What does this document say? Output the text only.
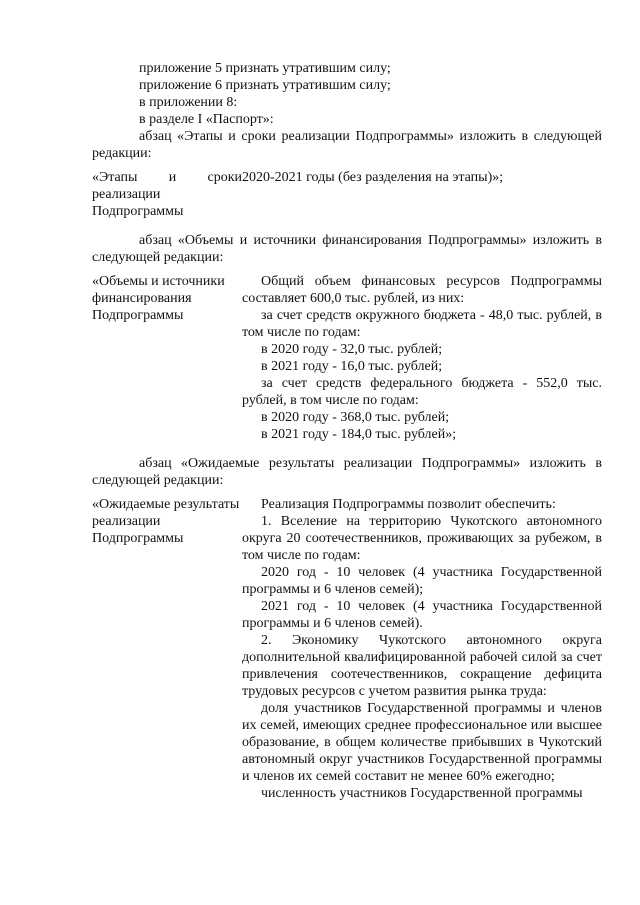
приложение 5 признать утратившим силу;

приложение 6 признать утратившим силу;

в приложении 8:

в разделе I «Паспорт»:

абзац «Этапы и сроки реализации Подпрограммы» изложить в следующей редакции:

«Этапы и сроки реализации Подпрограммы

2020-2021 годы (без разделения на этапы)»;

абзац «Объемы и источники финансирования Подпрограммы» изложить в следующей редакции:

«Объемы и источники финансирования Подпрограммы

Общий объем финансовых ресурсов Подпрограммы составляет 600,0 тыс. рублей, из них:

за счет средств окружного бюджета - 48,0 тыс. рублей, в том числе по годам:

в 2020 году - 32,0 тыс. рублей;

в 2021 году - 16,0 тыс. рублей;

за счет средств федерального бюджета - 552,0 тыс. рублей, в том числе по годам:

в 2020 году - 368,0 тыс. рублей;

в 2021 году - 184,0 тыс. рублей»;

абзац «Ожидаемые результаты реализации Подпрограммы» изложить в следующей редакции:

«Ожидаемые результаты реализации Подпрограммы

Реализация Подпрограммы позволит обеспечить:

1. Вселение на территорию Чукотского автономного округа 20 соотечественников, проживающих за рубежом, в том числе по годам:

2020 год - 10 человек (4 участника Государственной программы и 6 членов семей);

2021 год - 10 человек (4 участника Государственной программы и 6 членов семей).

2. Экономику Чукотского автономного округа дополнительной квалифицированной рабочей силой за счет привлечения соотечественников, сокращение дефицита трудовых ресурсов с учетом развития рынка труда:

доля участников Государственной программы и членов их семей, имеющих среднее профессиональное или высшее образование, в общем количестве прибывших в Чукотский автономный округ участников Государственной программы и членов их семей составит не менее 60% ежегодно;

численность участников Государственной программы
